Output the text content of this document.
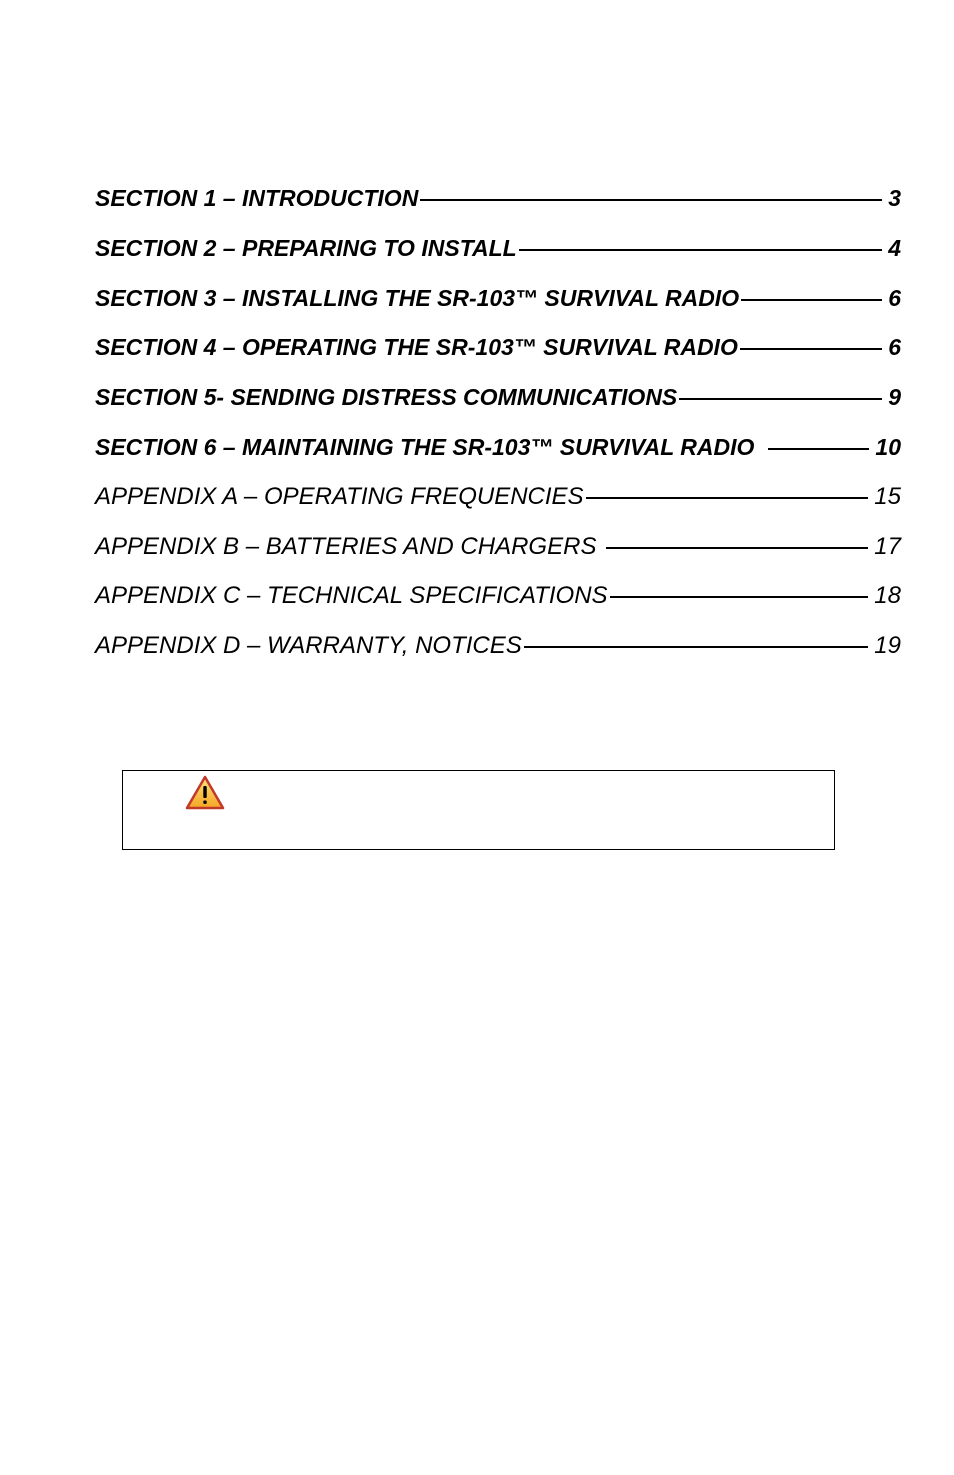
SECTION 1 – INTRODUCTION	3
SECTION 2 – PREPARING TO INSTALL	4
SECTION 3 – INSTALLING THE SR-103™ SURVIVAL RADIO	6
SECTION 4 – OPERATING THE SR-103™ SURVIVAL RADIO	6
SECTION 5- SENDING DISTRESS COMMUNICATIONS	9
SECTION 6 – MAINTAINING THE SR-103™ SURVIVAL RADIO	10
APPENDIX A – OPERATING FREQUENCIES	15
APPENDIX B – BATTERIES AND CHARGERS	17
APPENDIX C – TECHNICAL SPECIFICATIONS	18
APPENDIX D – WARRANTY, NOTICES	19
